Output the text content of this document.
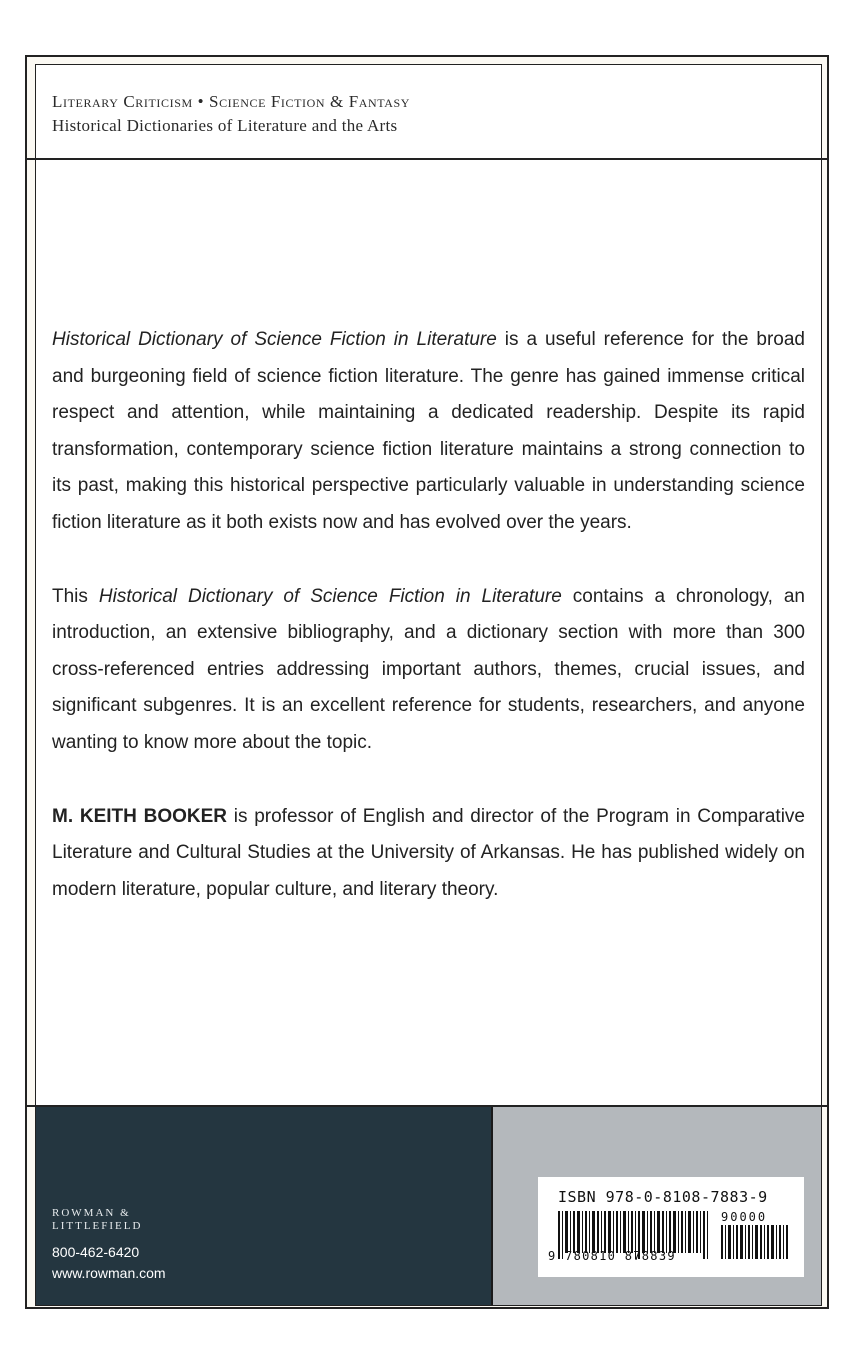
Literary Criticism • Science Fiction & Fantasy
Historical Dictionaries of Literature and the Arts

Historical Dictionary of Science Fiction in Literature is a useful reference for the broad and burgeoning field of science fiction literature. The genre has gained immense critical respect and attention, while maintaining a dedicated readership. Despite its rapid transformation, contemporary science fiction literature maintains a strong connection to its past, making this historical perspective particularly valuable in understanding science fiction literature as it both exists now and has evolved over the years.

This Historical Dictionary of Science Fiction in Literature contains a chronology, an introduction, an extensive bibliography, and a dictionary section with more than 300 cross-referenced entries addressing important authors, themes, crucial issues, and significant subgenres. It is an excellent reference for students, researchers, and anyone wanting to know more about the topic.

M. KEITH BOOKER is professor of English and director of the Program in Comparative Literature and Cultural Studies at the University of Arkansas. He has published widely on modern literature, popular culture, and literary theory.

ROWMAN &
LITTLEFIELD
800-462-6420
www.rowman.com
ISBN 978-0-8108-7883-9
90000
9 780810 878839
